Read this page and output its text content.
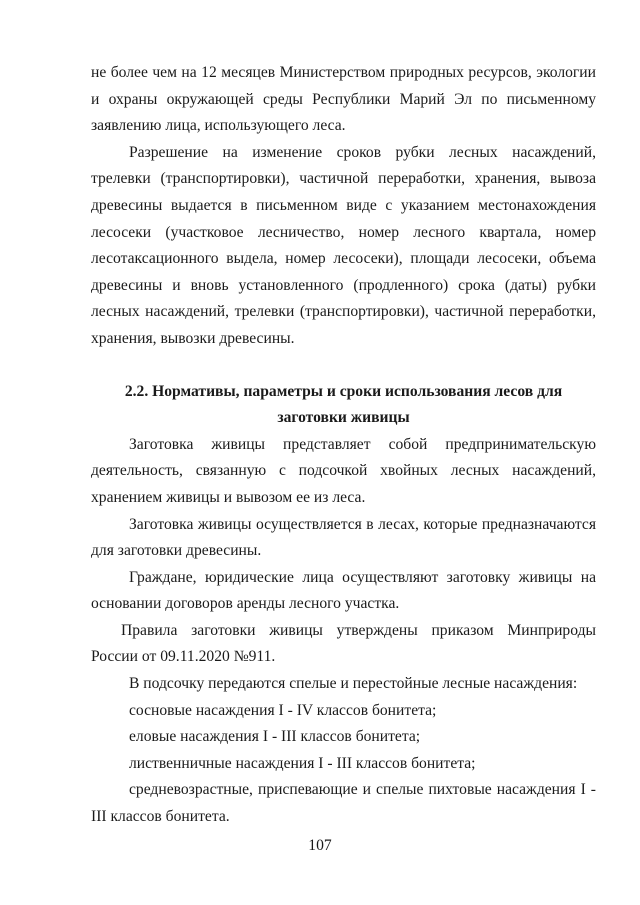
не более чем на 12 месяцев Министерством природных ресурсов, экологии и охраны окружающей среды Республики Марий Эл по письменному заявлению лица, использующего леса.

Разрешение на изменение сроков рубки лесных насаждений, трелевки (транспортировки), частичной переработки, хранения, вывоза древесины выдается в письменном виде с указанием местонахождения лесосеки (участковое лесничество, номер лесного квартала, номер лесотаксационного выдела, номер лесосеки), площади лесосеки, объема древесины и вновь установленного (продленного) срока (даты) рубки лесных насаждений, трелевки (транспортировки), частичной переработки, хранения, вывозки древесины.

2.2. Нормативы, параметры и сроки использования лесов для заготовки живицы

Заготовка живицы представляет собой предпринимательскую деятельность, связанную с подсочкой хвойных лесных насаждений, хранением живицы и вывозом ее из леса.

Заготовка живицы осуществляется в лесах, которые предназначаются для заготовки древесины.

Граждане, юридические лица осуществляют заготовку живицы на основании договоров аренды лесного участка.

Правила заготовки живицы утверждены приказом Минприроды России от 09.11.2020 №911.

В подсочку передаются спелые и перестойные лесные насаждения:

сосновые насаждения I - IV классов бонитета;

еловые насаждения I - III классов бонитета;

лиственничные насаждения I - III классов бонитета;

средневозрастные, приспевающие и спелые пихтовые насаждения I - III классов бонитета.

107
